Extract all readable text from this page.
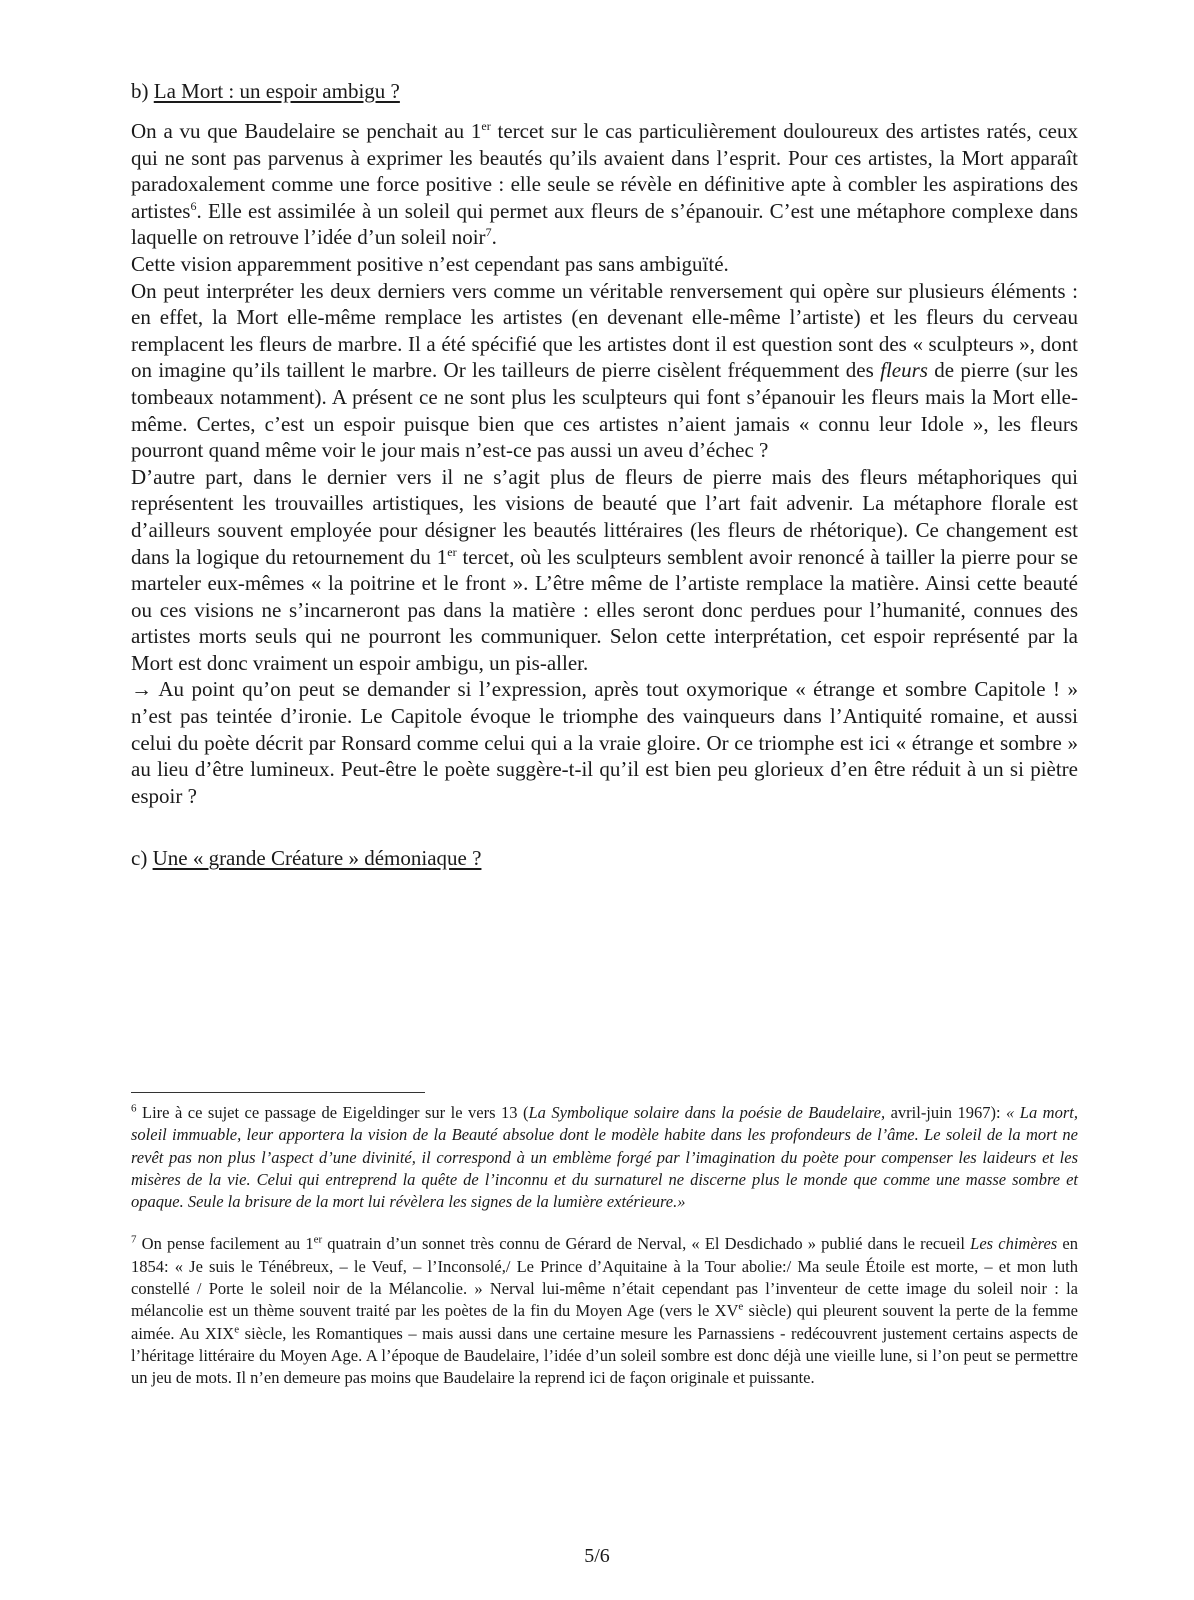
b) La Mort : un espoir ambigu ?

On a vu que Baudelaire se penchait au 1er tercet sur le cas particulièrement douloureux des artistes ratés, ceux qui ne sont pas parvenus à exprimer les beautés qu’ils avaient dans l’esprit. Pour ces artistes, la Mort apparaît paradoxalement comme une force positive : elle seule se révèle en définitive apte à combler les aspirations des artistes$^6$. Elle est assimilée à un soleil qui permet aux fleurs de s’épanouir. C’est une métaphore complexe dans laquelle on retrouve l’idée d’un soleil noir$^7$.

Cette vision apparemment positive n’est cependant pas sans ambiguïté.

On peut interpréter les deux derniers vers comme un véritable renversement qui opère sur plusieurs éléments : en effet, la Mort elle-même remplace les artistes (en devenant elle-même l’artiste) et les fleurs du cerveau remplacent les fleurs de marbre. Il a été spécifié que les artistes dont il est question sont des « sculpteurs », dont on imagine qu’ils taillent le marbre. Or les tailleurs de pierre cisèlent fréquemment des fleurs de pierre (sur les tombeaux notamment). A présent ce ne sont plus les sculpteurs qui font s’épanouir les fleurs mais la Mort elle-même. Certes, c’est un espoir puisque bien que ces artistes n’aient jamais « connu leur Idole », les fleurs pourront quand même voir le jour mais n’est-ce pas aussi un aveu d’échec ?

D’autre part, dans le dernier vers il ne s’agit plus de fleurs de pierre mais des fleurs métaphoriques qui représentent les trouvailles artistiques, les visions de beauté que l’art fait advenir. La métaphore florale est d’ailleurs souvent employée pour désigner les beautés littéraires (les fleurs de rhétorique). Ce changement est dans la logique du retournement du 1er tercet, où les sculpteurs semblent avoir renoncé à tailler la pierre pour se marteler eux-mêmes « la poitrine et le front ». L’être même de l’artiste remplace la matière. Ainsi cette beauté ou ces visions ne s’incarneront pas dans la matière : elles seront donc perdues pour l’humanité, connues des artistes morts seuls qui ne pourront les communiquer. Selon cette interprétation, cet espoir représenté par la Mort est donc vraiment un espoir ambigu, un pis-aller.

→ Au point qu’on peut se demander si l’expression, après tout oxymorique « étrange et sombre Capitole ! » n’est pas teintée d’ironie. Le Capitole évoque le triomphe des vainqueurs dans l’Antiquité romaine, et aussi celui du poète décrit par Ronsard comme celui qui a la vraie gloire. Or ce triomphe est ici « étrange et sombre » au lieu d’être lumineux. Peut-être le poète suggère-t-il qu’il est bien peu glorieux d’en être réduit à un si piètre espoir ?

c) Une « grande Créature » démoniaque ?

$^6$ Lire à ce sujet ce passage de Eigeldinger sur le vers 13 (La Symbolique solaire dans la poésie de Baudelaire, avril-juin 1967): « La mort, soleil immuable, leur apportera la vision de la Beauté absolue dont le modèle habite dans les profondeurs de l’âme. Le soleil de la mort ne revêt pas non plus l’aspect d’une divinité, il correspond à un emblème forgé par l’imagination du poète pour compenser les laideurs et les misères de la vie. Celui qui entreprend la quête de l’inconnu et du surnaturel ne discerne plus le monde que comme une masse sombre et opaque. Seule la brisure de la mort lui révèlera les signes de la lumière extérieure.»

$^7$ On pense facilement au 1er quatrain d’un sonnet très connu de Gérard de Nerval, « El Desdichado » publié dans le recueil Les chimères en 1854: « Je suis le Ténébreux, – le Veuf, – l’Inconsolé,/ Le Prince d’Aquitaine à la Tour abolie:/ Ma seule Étoile est morte, – et mon luth constellé / Porte le soleil noir de la Mélancolie. » Nerval lui-même n’était cependant pas l’inventeur de cette image du soleil noir : la mélancolie est un thème souvent traité par les poètes de la fin du Moyen Age (vers le XVe siècle) qui pleurent souvent la perte de la femme aimée. Au XIXe siècle, les Romantiques – mais aussi dans une certaine mesure les Parnassiens - redécouvrent justement certains aspects de l’héritage littéraire du Moyen Age. A l’époque de Baudelaire, l’idée d’un soleil sombre est donc déjà une vieille lune, si l’on peut se permettre un jeu de mots. Il n’en demeure pas moins que Baudelaire la reprend ici de façon originale et puissante.

5/6
